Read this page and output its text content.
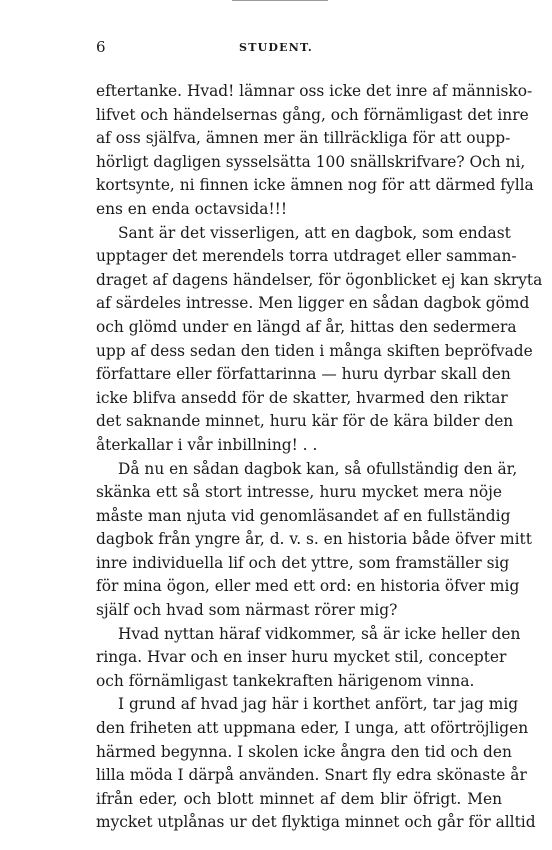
6	STUDENT.
eftertanke. Hvad! lämnar oss icke det inre af människo-
lifvet och händelsernas gång, och förnämligast det inre
af oss själfva, ämnen mer än tillräckliga för att oupp-
hörligt dagligen sysselsätta 100 snällskrifvare? Och ni,
kortsynte, ni finnen icke ämnen nog för att därmed fylla
ens en enda octavsida!!!
Sant är det visserligen, att en dagbok, som endast
upptager det merendels torra utdraget eller samman-
draget af dagens händelser, för ögonblicket ej kan skryta
af särdeles intresse. Men ligger en sådan dagbok gömd
och glömd under en längd af år, hittas den sedermera
upp af dess sedan den tiden i många skiften bepröfvade
författare eller författarinna — huru dyrbar skall den
icke blifva ansedd för de skatter, hvarmed den riktar
det saknande minnet, huru kär för de kära bilder den
återkallar i vår inbillning! . .
Då nu en sådan dagbok kan, så ofullständig den är,
skänka ett så stort intresse, huru mycket mera nöje
måste man njuta vid genomläsandet af en fullständig
dagbok från yngre år, d. v. s. en historia både öfver mitt
inre individuella lif och det yttre, som framställer sig
för mina ögon, eller med ett ord: en historia öfver mig
själf och hvad som närmast rörer mig?
Hvad nyttan häraf vidkommer, så är icke heller den
ringa. Hvar och en inser huru mycket stil, concepter
och förnämligast tankekraften härigenom vinna.
I grund af hvad jag här i korthet anfört, tar jag mig
den friheten att uppmana eder, I unga, att oförtröjligen
härmed begynna. I skolen icke ångra den tid och den
lilla möda I därpå använden. Snart fly edra skönaste år
ifrån eder, och blott minnet af dem blir öfrigt. Men
mycket utplånas ur det flyktiga minnet och går för alltid
